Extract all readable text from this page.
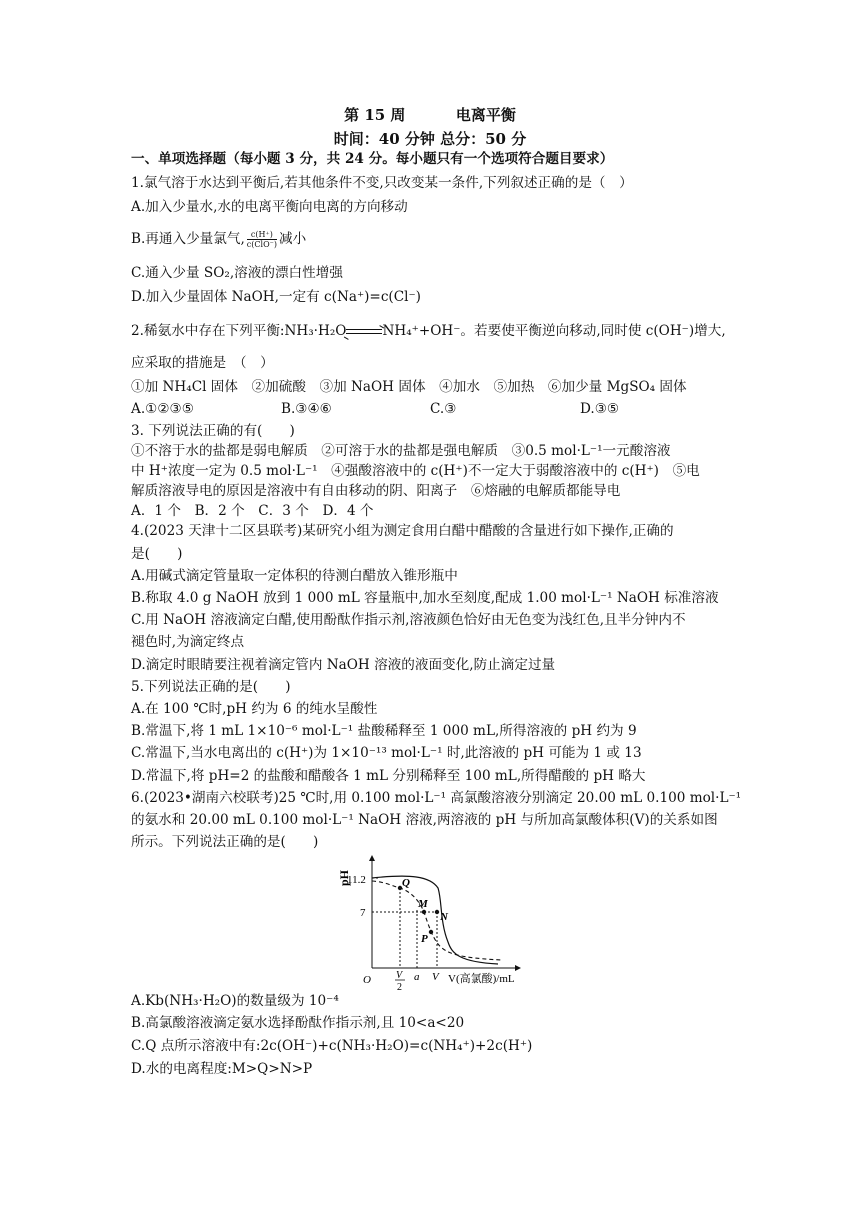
第 15 周	电离平衡
时间：40 分钟 总分：50 分
一、单项选择题（每小题 3 分，共 24 分。每小题只有一个选项符合题目要求）
1.氯气溶于水达到平衡后,若其他条件不变,只改变某一条件,下列叙述正确的是（　）
A.加入少量水,水的电离平衡向电离的方向移动
B.再通入少量氯气, $\frac{c(H^+)}{\text{c(ClO⁻)}}$ 减小
C.通入少量 SO₂,溶液的漂白性增强
D.加入少量固体 NaOH,一定有 c(Na⁺)=c(Cl⁻)
2.稀氨水中存在下列平衡:NH₃·H₂O→NH₄⁺+OH⁻。若要使平衡逆向移动,同时使 c(OH⁻)增大,
应采取的措施是　（　）
①加 NH₄Cl 固体　②加硫酸　③加 NaOH 固体　④加水　⑤加热　⑥加少量 MgSO₄ 固体
A.①②③⑤	B.③④⑥	C.③	D.③⑤
3. 下列说法正确的有(　　)
①不溶于水的盐都是弱电解质　②可溶于水的盐都是强电解质　③0.5 mol·L⁻¹一元酸溶液
中 H⁺浓度一定为 0.5 mol·L⁻¹　④强酸溶液中的 c(H⁺)不一定大于弱酸溶液中的 c(H⁺)　⑤电
解质溶液导电的原因是溶液中有自由移动的阴、阳离子　⑥熔融的电解质都能导电
A．1 个　B．2 个　C．3 个　D．4 个
4.(2023 天津十二区县联考)某研究小组为测定食用白醋中醋酸的含量进行如下操作,正确的
是(　　)
A.用碱式滴定管量取一定体积的待测白醋放入锥形瓶中
B.称取 4.0 g NaOH 放到 1 000 mL 容量瓶中,加水至刻度,配成 1.00 mol·L⁻¹ NaOH 标准溶液
C.用 NaOH 溶液滴定白醋,使用酚酞作指示剂,溶液颜色恰好由无色变为浅红色,且半分钟内不
褪色时,为滴定终点
D.滴定时眼睛要注视着滴定管内 NaOH 溶液的液面变化,防止滴定过量
5.下列说法正确的是(　　)
A.在 100 ℃时,pH 约为 6 的纯水呈酸性
B.常温下,将 1 mL 1×10⁻⁶ mol·L⁻¹ 盐酸稀释至 1 000 mL,所得溶液的 pH 约为 9
C.常温下,当水电离出的 c(H⁺)为 1×10⁻¹³ mol·L⁻¹ 时,此溶液的 pH 可能为 1 或 13
D.常温下,将 pH=2 的盐酸和醋酸各 1 mL 分别稀释至 100 mL,所得醋酸的 pH 略大
6.(2023•湖南六校联考)25 ℃时,用 0.100 mol·L⁻¹ 高氯酸溶液分别滴定 20.00 mL 0.100 mol·L⁻¹
的氨水和 20.00 mL 0.100 mol·L⁻¹ NaOH 溶液,两溶液的 pH 与所加高氯酸体积(V)的关系如图
所示。下列说法正确的是(　　)
pH
11.2
7
O
Q
M
N
P
V
2
a V V(高氯酸)/mL
A.Kb(NH₃·H₂O)的数量级为 10⁻⁴
B.高氯酸溶液滴定氨水选择酚酞作指示剂,且 10<a<20
C.Q 点所示溶液中有:2c(OH⁻)+c(NH₃·H₂O)=c(NH₄⁺)+2c(H⁺)
D.水的电离程度:M>Q>N>P
